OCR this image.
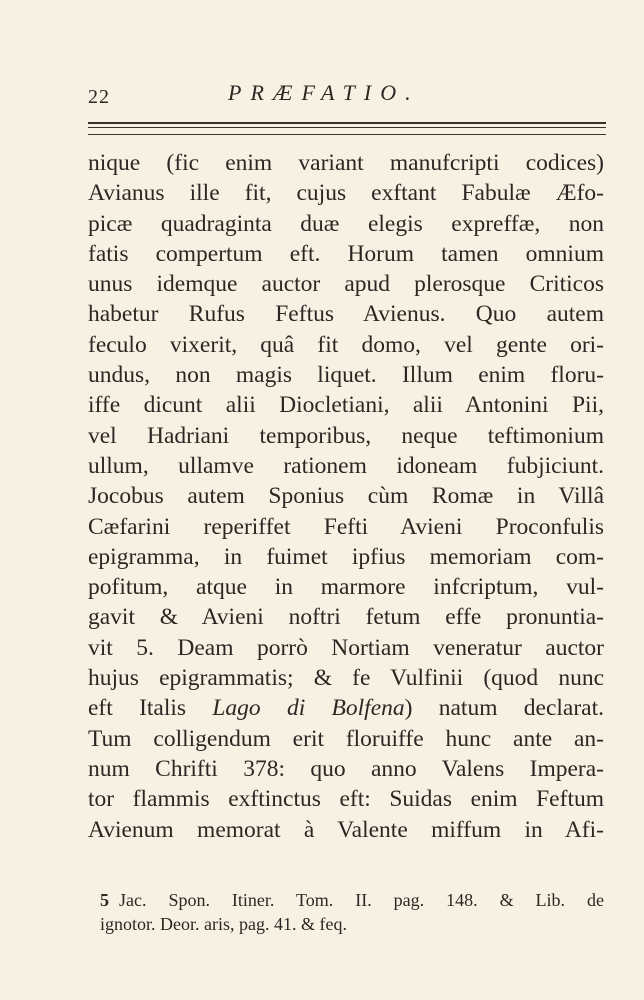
22	PRÆFATIO.
nique (fic enim variant manufcripti codices)
Avianus ille fit, cujus exftant Fabulæ Æfo-
picæ quadraginta duæ elegis expreffæ, non
fatis compertum eft. Horum tamen omnium
unus idemque auctor apud plerosque Criticos
habetur Rufus Feftus Avienus. Quo autem
feculo vixerit, quâ fit domo, vel gente ori-
undus, non magis liquet. Illum enim floru-
iffe dicunt alii Diocletiani, alii Antonini Pii,
vel Hadriani temporibus, neque teftimonium
ullum, ullamve rationem idoneam fubjiciunt.
Jocobus autem Sponius cùm Romæ in Villâ
Cæfarini reperiffet Fefti Avieni Proconfulis
epigramma, in fuimet ipfius memoriam com-
pofitum, atque in marmore infcriptum, vul-
gavit & Avieni noftri fetum effe pronuntia-
vit 5. Deam porrò Nortiam veneratur auctor
hujus epigrammatis; & fe Vulfinii (quod nunc
eft Italis Lago di Bolfena) natum declarat.
Tum colligendum erit floruiffe hunc ante an-
num Chrifti 378: quo anno Valens Impera-
tor flammis exftinctus eft: Suidas enim Feftum
Avienum memorat à Valente miffum in Afi-
5 Jac. Spon. Itiner. Tom. II. pag. 148. & Lib. de
ignotor. Deor. aris, pag. 41. & feq.
